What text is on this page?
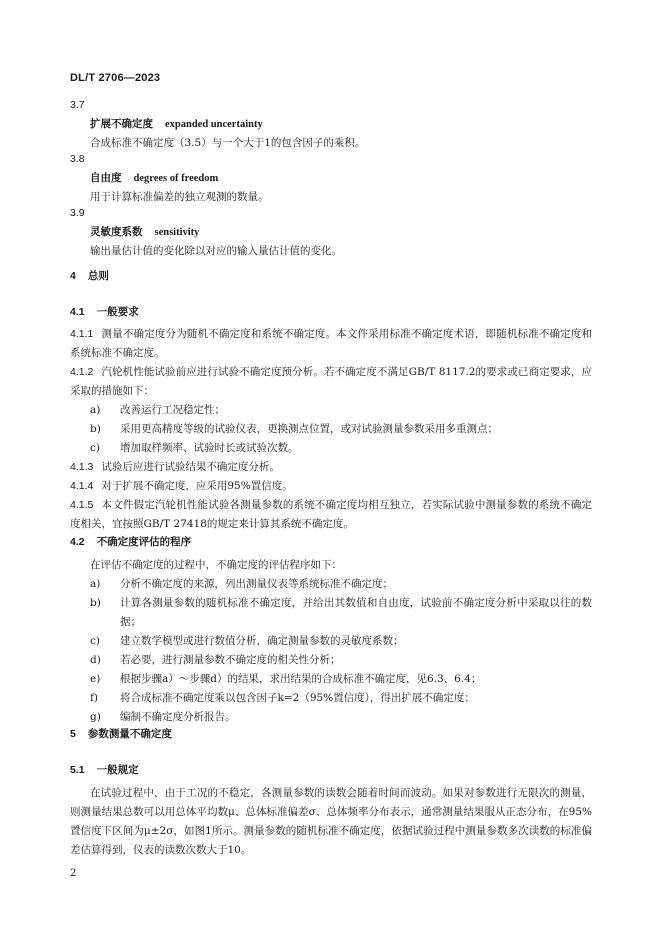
DL/T 2706—2023
3.7
扩展不确定度 expanded uncertainty
合成标准不确定度（3.5）与一个大于1的包含因子的乘积。
3.8
自由度 degrees of freedom
用于计算标准偏差的独立观测的数量。
3.9
灵敏度系数 sensitivity
输出量估计值的变化除以对应的输入量估计值的变化。
4 总则
4.1 一般要求
4.1.1 测量不确定度分为随机不确定度和系统不确定度。本文件采用标准不确定度术语，即随机标准不确定度和系统标准不确定度。
4.1.2 汽轮机性能试验前应进行试验不确定度预分析。若不确定度不满足GB/T 8117.2的要求或已商定要求，应采取的措施如下：
a)	改善运行工况稳定性；
b)	采用更高精度等级的试验仪表，更换测点位置，或对试验测量参数采用多重测点；
c)	增加取样频率、试验时长或试验次数。
4.1.3 试验后应进行试验结果不确定度分析。
4.1.4 对于扩展不确定度，应采用95%置信度。
4.1.5 本文件假定汽轮机性能试验各测量参数的系统不确定度均相互独立，若实际试验中测量参数的系统不确定度相关，宜按照GB/T 27418的规定来计算其系统不确定度。
4.2 不确定度评估的程序
在评估不确定度的过程中，不确定度的评估程序如下：
a)	分析不确定度的来源，列出测量仪表等系统标准不确定度；
b)	计算各测量参数的随机标准不确定度，并给出其数值和自由度，试验前不确定度分析中采取以往的数据；
c)	建立数学模型或进行数值分析，确定测量参数的灵敏度系数；
d)	若必要，进行测量参数不确定度的相关性分析；
e)	根据步骤a）～步骤d）的结果，求出结果的合成标准不确定度，见6.3、6.4；
f)	将合成标准不确定度乘以包含因子k=2（95%置信度），得出扩展不确定度；
g)	编制不确定度分析报告。
5 参数测量不确定度
5.1 一般规定
在试验过程中，由于工况的不稳定，各测量参数的读数会随着时间而波动。如果对参数进行无限次的测量，则测量结果总数可以用总体平均数μ、总体标准偏差σ、总体频率分布表示，通常测量结果服从正态分布，在95%置信度下区间为μ±2σ，如图1所示。测量参数的随机标准不确定度，依据试验过程中测量参数多次读数的标准偏差估算得到，仪表的读数次数大于10。
2
